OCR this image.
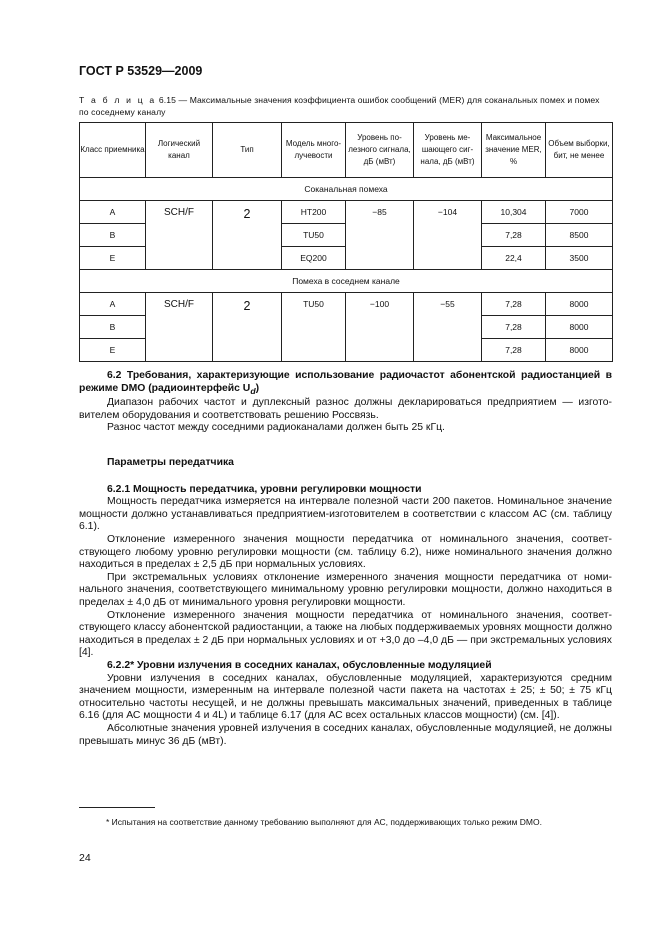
ГОСТ Р 53529—2009
Т а б л и ц а 6.15 — Максимальные значения коэффициента ошибок сообщений (MER) для соканальных помех и помех по соседнему каналу
Класс приемника	Логический канал	Тип	Модель многолучевости	Уровень полезного сигнала, дБ (мВт)	Уровень мешающего сигнала, дБ (мВт)	Максимальное значение MER, %	Объем выборки, бит, не менее
Соканальная помеха							
A	SCH/F	2	HT200	−85	−104	10,304	7000
B			TU50			7,28	8500
E			EQ200			22,4	3500
Помеха в соседнем канале							
A	SCH/F	2	TU50	−100	−55	7,28	8000
B						7,28	8000
E						7,28	8000
6.2 Требования, характеризующие использование радиочастот абонентской радиостанцией в режиме DMO (радиоинтерфейс $U_d$)

Диапазон рабочих частот и дуплексный разнос должны декларироваться предприятием — изготовителем оборудования и соответствовать решению Россвязь.

Разнос частот между соседними радиоканалами должен быть 25 кГц.

Параметры передатчика
6.2.1 Мощность передатчика, уровни регулировки мощности

Мощность передатчика измеряется на интервале полезной части 200 пакетов. Номинальное значение мощности должно устанавливаться предприятием-изготовителем в соответствии с классом АС (см. таблицу 6.1).

Отклонение измеренного значения мощности передатчика от номинального значения, соответствующего любому уровню регулировки мощности (см. таблицу 6.2), ниже номинального значения должно находиться в пределах ± 2,5 дБ при нормальных условиях.

При экстремальных условиях отклонение измеренного значения мощности передатчика от номинального значения, соответствующего минимальному уровню регулировки мощности, должно находиться в пределах ± 4,0 дБ от минимального уровня регулировки мощности.

Отклонение измеренного значения мощности передатчика от номинального значения, соответствующего классу абонентской радиостанции, а также на любых поддерживаемых уровнях мощности должно находиться в пределах ± 2 дБ при нормальных условиях и от +3,0 до –4,0 дБ — при экстремальных условиях [4].

6.2.2* Уровни излучения в соседних каналах, обусловленные модуляцией

Уровни излучения в соседних каналах, обусловленные модуляцией, характеризуются средним значением мощности, измеренным на интервале полезной части пакета на частотах ± 25; ± 50; ± 75 кГц относительно частоты несущей, и не должны превышать максимальных значений, приведенных в таблице 6.16 (для АС мощности 4 и 4L) и таблице 6.17 (для АС всех остальных классов мощности) (см. [4]).

Абсолютные значения уровней излучения в соседних каналах, обусловленные модуляцией, не должны превышать минус 36 дБ (мВт).

* Испытания на соответствие данному требованию выполняют для АС, поддерживающих только режим DMO.
24
